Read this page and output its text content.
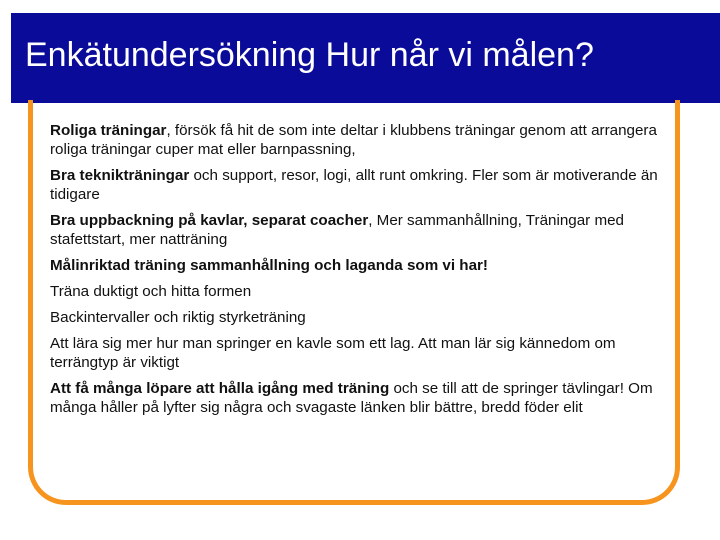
Enkätundersökning Hur når vi målen?
Roliga träningar, försök få hit de som inte deltar i klubbens träningar genom att arrangera roliga träningar cuper mat eller barnpassning,
Bra teknikträningar och support, resor, logi, allt runt omkring. Fler som är motiverande än tidigare
Bra uppbackning på kavlar, separat coacher, Mer sammanhållning, Träningar med stafettstart, mer natträning
Målinriktad träning sammanhållning och laganda som vi har!
Träna duktigt och hitta formen
Backintervaller och riktig styrketräning
Att lära sig mer hur man springer en kavle som ett lag. Att man lär sig kännedom om terrängtyp är viktigt
Att få många löpare att hålla igång med träning och se till att de springer tävlingar! Om många håller på lyfter sig några och svagaste länken blir bättre, bredd föder elit
